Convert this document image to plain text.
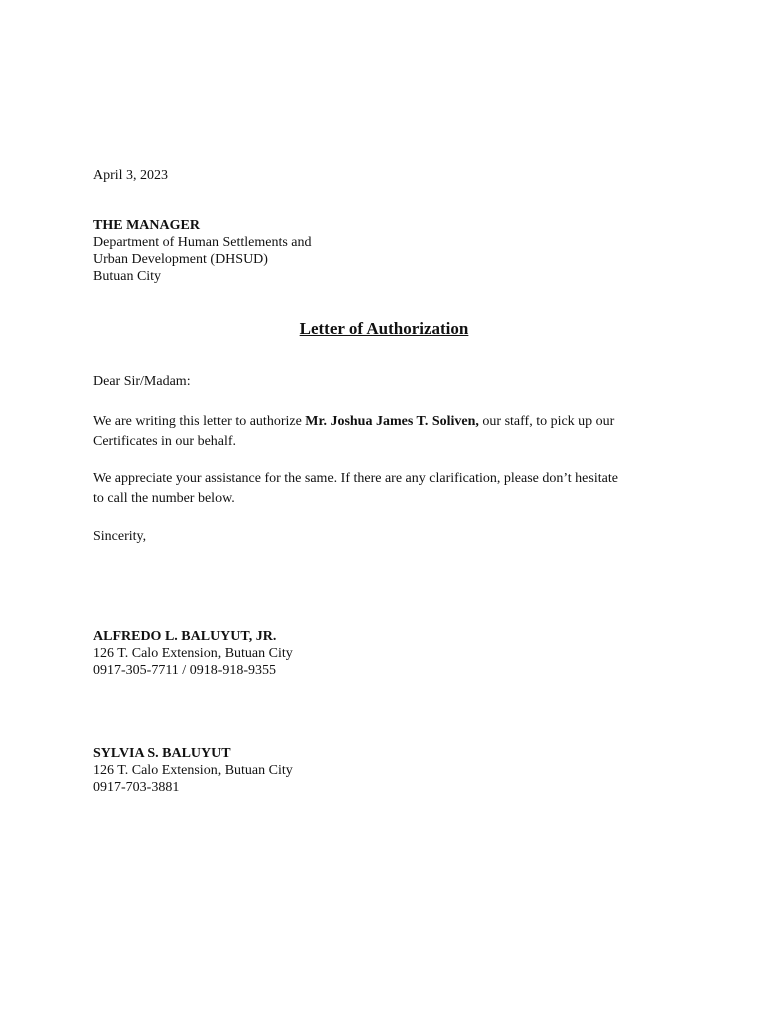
April 3, 2023
THE MANAGER
Department of Human Settlements and
Urban Development (DHSUD)
Butuan City
Letter of Authorization
Dear Sir/Madam:
We are writing this letter to authorize Mr. Joshua James T. Soliven, our staff, to pick up our
Certificates in our behalf.
We appreciate your assistance for the same. If there are any clarification, please don’t hesitate
to call the number below.
Sincerity,
ALFREDO L. BALUYUT, JR.
126 T. Calo Extension, Butuan City
0917-305-7711 / 0918-918-9355
SYLVIA S. BALUYUT
126 T. Calo Extension, Butuan City
0917-703-3881
